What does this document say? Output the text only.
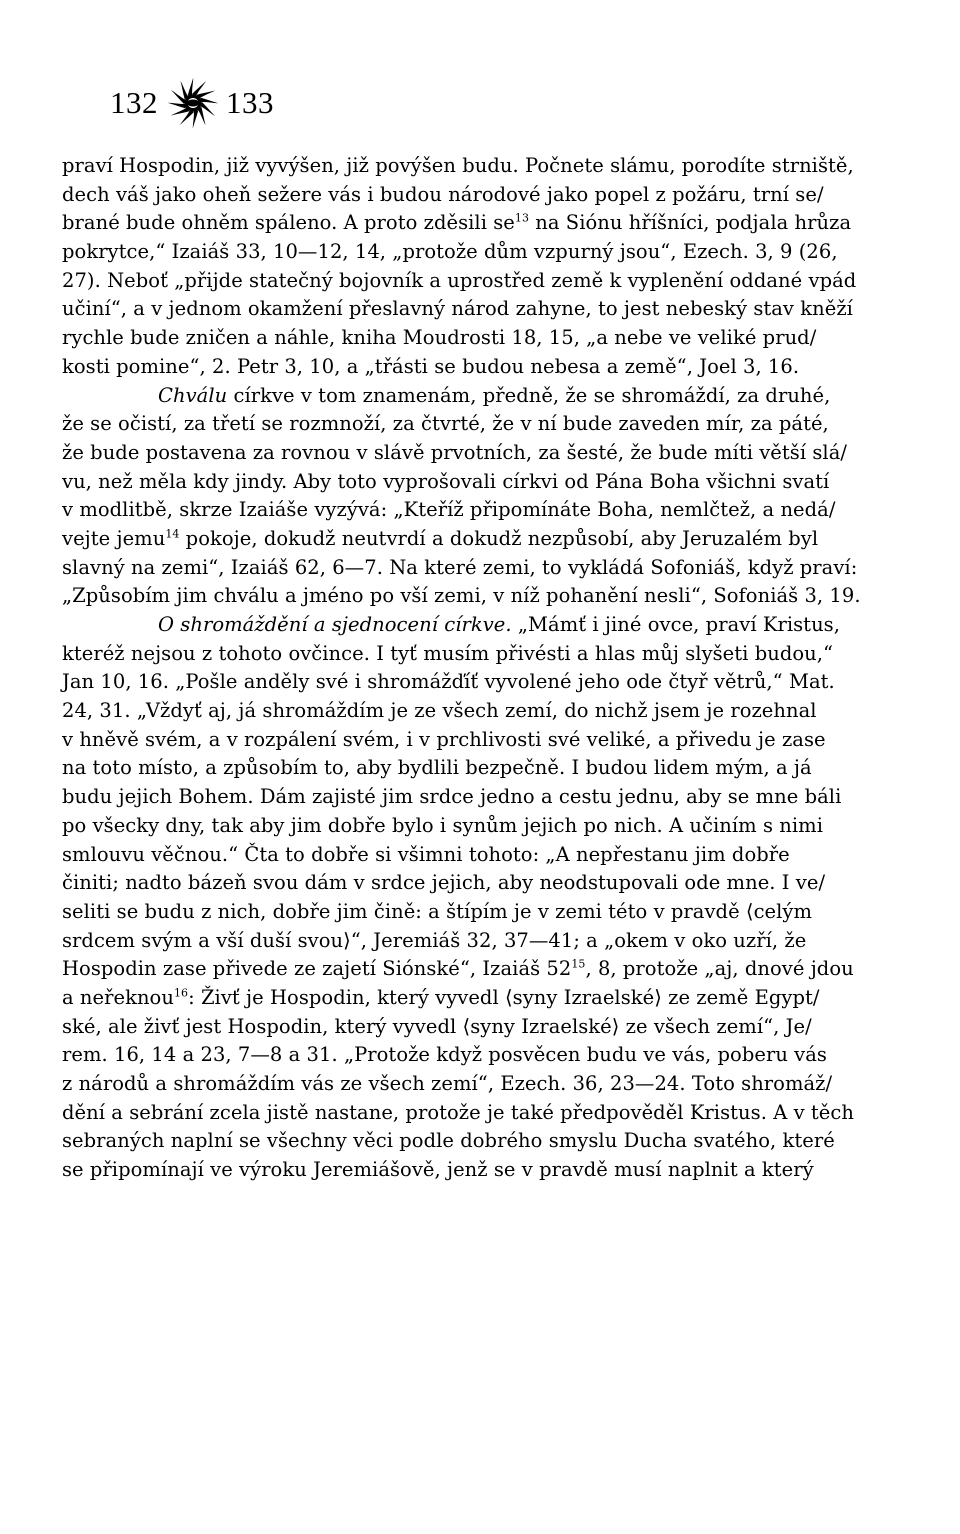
132 133
praví Hospodin, již vyvýšen, již povýšen budu. Počnete slámu, porodíte strniště,
dech váš jako oheň sežere vás i budou národové jako popel z požáru, trní se/
brané bude ohněm spáleno. A proto zděsili $se^{13}$ na Siónu hříšníci, podjala hrůza
pokrytce,“ Izaiáš 33, 10—12, 14, „protože dům vzpurný jsou“, Ezech. 3, 9 (26,
27). Neboť „přijde statečný bojovník a uprostřed země k vyplenění oddané vpád
učiní“, a v jednom okamžení přeslavný národ zahyne, to jest nebeský stav kněží
rychle bude zničen a náhle, kniha Moudrosti 18, 15, „a nebe ve veliké prud/
kosti pomine“, 2. Petr 3, 10, a „třásti se budou nebesa a země“, Joel 3, 16.
Chválu církve v tom znamenám, předně, že se shromáždí, za druhé,
že se očistí, za třetí se rozmnoží, za čtvrté, že v ní bude zaveden mír, za páté,
že bude postavena za rovnou v slávě prvotních, za šesté, že bude míti větší slá/
vu, než měla kdy jindy. Aby toto vyprošovali církvi od Pána Boha všichni svatí
v modlitbě, skrze Izaiáše vyzývá: „Kteříž připomínáte Boha, nemlčtež, a nedá/
vejte jemu$^{14}$ pokoje, dokudž neutvrdí a dokudž nezpůsobí, aby Jeruzalém byl
slavný na zemi“, Izaiáš 62, 6—7. Na které zemi, to vykládá Sofoniáš, když praví:
„Způsobím jim chválu a jméno po vší zemi, v níž pohanění nesli“, Sofoniáš 3, 19.
O shromáždění a sjednocení církve. „Mámť i jiné ovce, praví Kristus,
kteréž nejsou z tohoto ovčince. I tyť musím přivésti a hlas můj slyšeti budou,“
Jan 10, 16. „Pošle anděly své i shromážďíť vyvolené jeho ode čtyř větrů,“ Mat.
24, 31. „Vždyť aj, já shromáždím je ze všech zemí, do nichž jsem je rozehnal
v hněvě svém, a v rozpálení svém, i v prchlivosti své veliké, a přivedu je zase
na toto místo, a způsobím to, aby bydlili bezpečně. I budou lidem mým, a já
budu jejich Bohem. Dám zajisté jim srdce jedno a cestu jednu, aby se mne báli
po všecky dny, tak aby jim dobře bylo i synům jejich po nich. A učiním s nimi
smlouvu věčnou.“ Čta to dobře si všimni tohoto: „A nepřestanu jim dobře
činiti; nadto bázeň svou dám v srdce jejich, aby neodstupovali ode mne. I ve/
seliti se budu z nich, dobře jim čině: a štípím je v zemi této v pravdě ⟨celým
srdcem svým a vší duší svou⟩“, Jeremiáš 32, 37—41; a „okem v oko uzří, že
Hospodin zase přivede ze zajetí Siónské“, Izaiáš $52^{15}$, 8, protože „aj, dnové jdou
a neřeknou$^{16}$: Živť je Hospodin, který vyvedl ⟨syny Izraelské⟩ ze země Egypt/
ské, ale živť jest Hospodin, který vyvedl ⟨syny Izraelské⟩ ze všech zemí“, Je/
rem. 16, 14 a 23, 7—8 a 31. „Protože když posvěcen budu ve vás, poberu vás
z národů a shromáždím vás ze všech zemí“, Ezech. 36, 23—24. Toto shromáž/
dění a sebrání zcela jistě nastane, protože je také předpověděl Kristus. A v těch
sebraných naplní se všechny věci podle dobrého smyslu Ducha svatého, které
se připomínají ve výroku Jeremiášově, jenž se v pravdě musí naplnit a který
